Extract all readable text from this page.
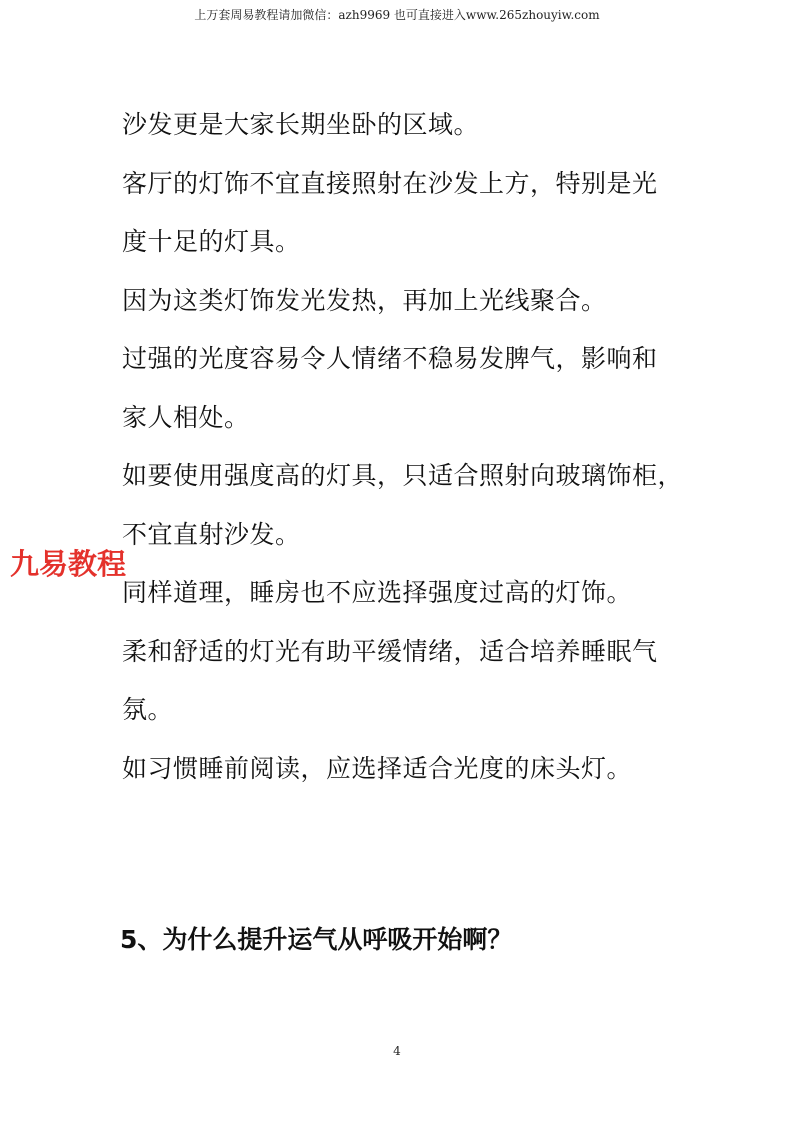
上万套周易教程请加微信：azh9969 也可直接进入www.265zhouyiw.com
沙发更是大家长期坐卧的区域。
客厅的灯饰不宜直接照射在沙发上方，特别是光
度十足的灯具。
因为这类灯饰发光发热，再加上光线聚合。
过强的光度容易令人情绪不稳易发脾气，影响和
家人相处。
如要使用强度高的灯具，只适合照射向玻璃饰柜，
不宜直射沙发。
同样道理，睡房也不应选择强度过高的灯饰。
柔和舒适的灯光有助平缓情绪，适合培养睡眠气
氛。
如习惯睡前阅读，应选择适合光度的床头灯。
5、为什么提升运气从呼吸开始啊？
九易教程
4
